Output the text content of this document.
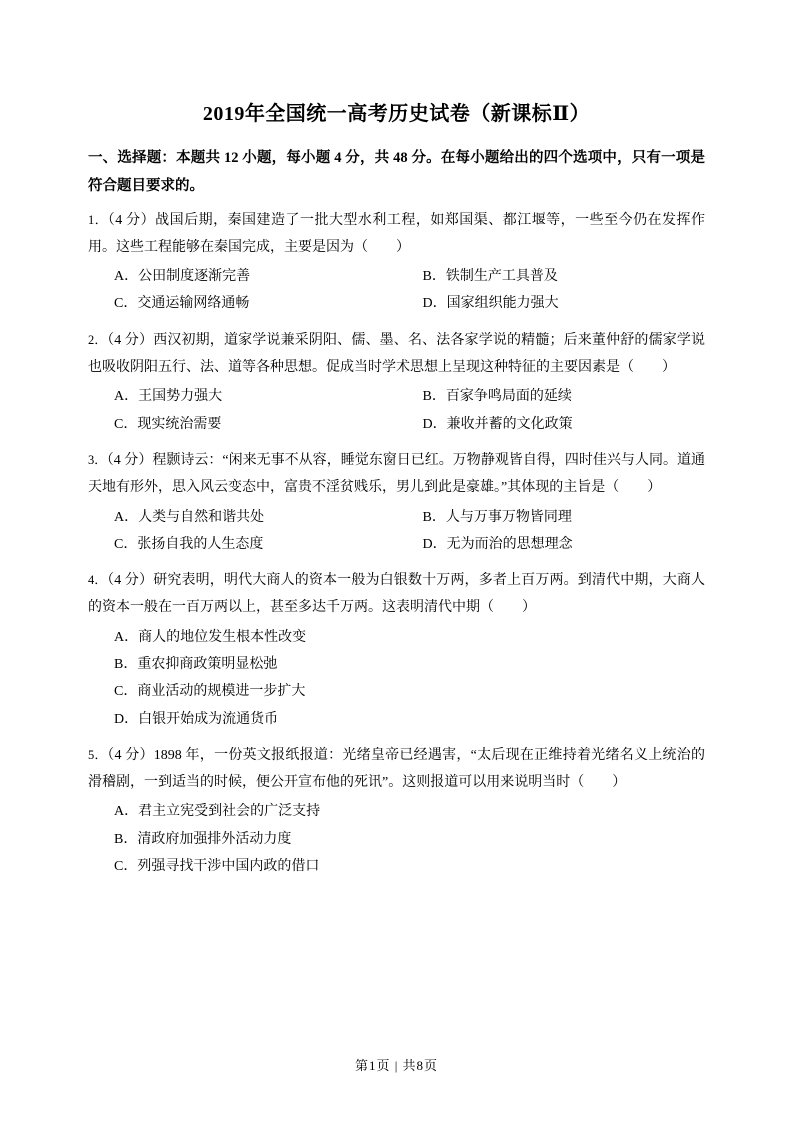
2019年全国统一高考历史试卷（新课标Ⅱ）
一、选择题：本题共 12 小题，每小题 4 分，共 48 分。在每小题给出的四个选项中，只有一项是符合题目要求的。
1．（4 分）战国后期，秦国建造了一批大型水利工程，如郑国渠、都江堰等，一些至今仍在发挥作用。这些工程能够在秦国完成，主要是因为（　　）
A．公田制度逐渐完善	B．铁制生产工具普及
C．交通运输网络通畅	D．国家组织能力强大
2．（4 分）西汉初期，道家学说兼采阴阳、儒、墨、名、法各家学说的精髓；后来董仲舒的儒家学说也吸收阴阳五行、法、道等各种思想。促成当时学术思想上呈现这种特征的主要因素是（　　）
A．王国势力强大	B．百家争鸣局面的延续
C．现实统治需要	D．兼收并蓄的文化政策
3．（4 分）程颢诗云：“闲来无事不从容，睡觉东窗日已红。万物静观皆自得，四时佳兴与人同。道通天地有形外，思入风云变态中，富贵不淫贫贱乐，男儿到此是豪雄。”其体现的主旨是（　　）
A．人类与自然和谐共处	B．人与万事万物皆同理
C．张扬自我的人生态度	D．无为而治的思想理念
4．（4 分）研究表明，明代大商人的资本一般为白银数十万两，多者上百万两。到清代中期，大商人的资本一般在一百万两以上，甚至多达千万两。这表明清代中期（　　）
A．商人的地位发生根本性改变
B．重农抑商政策明显松弛
C．商业活动的规模进一步扩大
D．白银开始成为流通货币
5．（4 分）1898 年，一份英文报纸报道：光绪皇帝已经遇害，“太后现在正维持着光绪名义上统治的滑稽剧，一到适当的时候，便公开宣布他的死讯”。这则报道可以用来说明当时（　　）
A．君主立宪受到社会的广泛支持
B．清政府加强排外活动力度
C．列强寻找干涉中国内政的借口
第1页 | 共8页
